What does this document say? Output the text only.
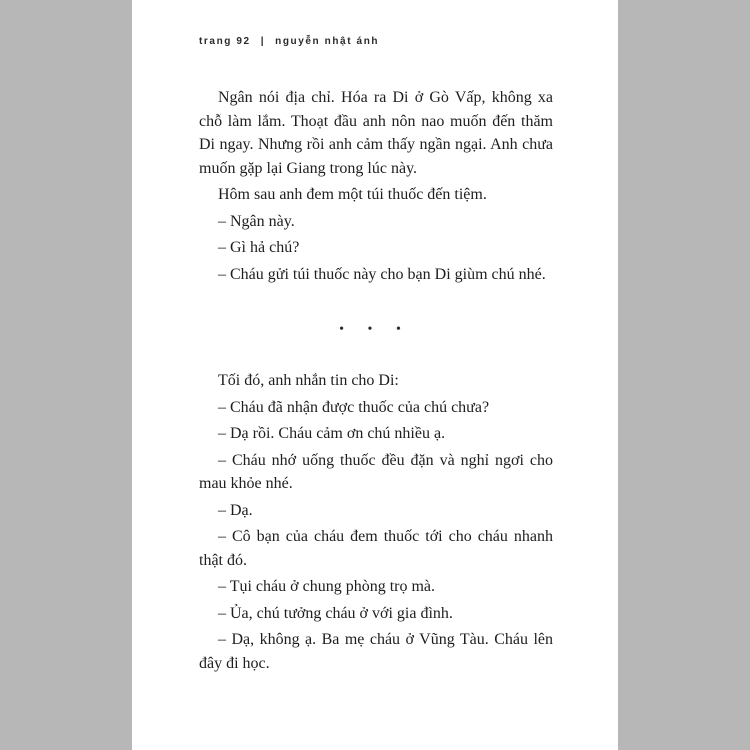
trang 92 | nguyễn nhật ánh

Ngân nói địa chỉ. Hóa ra Di ở Gò Vấp, không xa chỗ làm lắm. Thoạt đầu anh nôn nao muốn đến thăm Di ngay. Nhưng rồi anh cảm thấy ngần ngại. Anh chưa muốn gặp lại Giang trong lúc này.

Hôm sau anh đem một túi thuốc đến tiệm.

– Ngân này.

– Gì hả chú?

– Cháu gửi túi thuốc này cho bạn Di giùm chú nhé.

• • •

Tối đó, anh nhắn tin cho Di:

– Cháu đã nhận được thuốc của chú chưa?

– Dạ rồi. Cháu cảm ơn chú nhiều ạ.

– Cháu nhớ uống thuốc đều đặn và nghỉ ngơi cho mau khỏe nhé.

– Dạ.

– Cô bạn của cháu đem thuốc tới cho cháu nhanh thật đó.

– Tụi cháu ở chung phòng trọ mà.

– Ủa, chú tưởng cháu ở với gia đình.

– Dạ, không ạ. Ba mẹ cháu ở Vũng Tàu. Cháu lên đây đi học.
